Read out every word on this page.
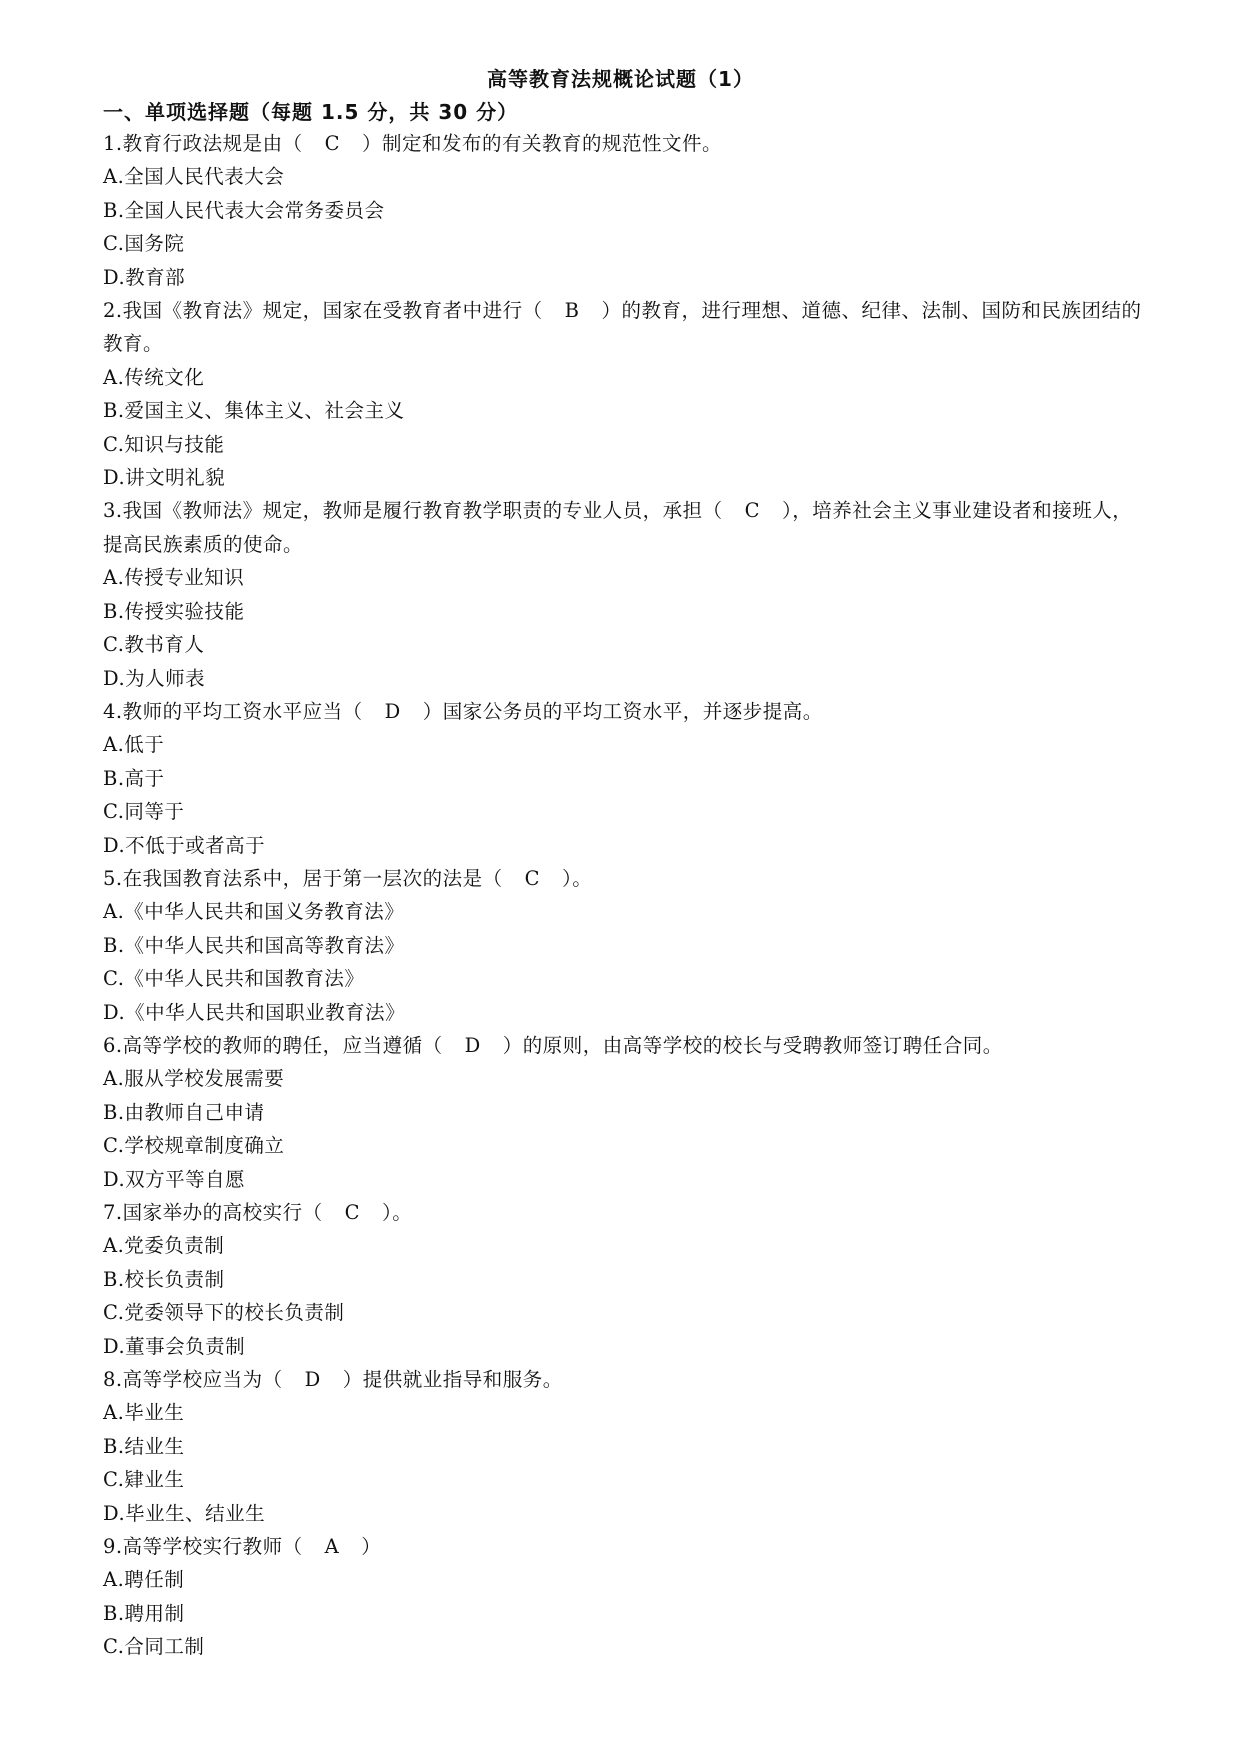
高等教育法规概论试题（1）
一、单项选择题（每题 1.5 分，共 30 分）
1.教育行政法规是由（ C ）制定和发布的有关教育的规范性文件。
A.全国人民代表大会
B.全国人民代表大会常务委员会
C.国务院
D.教育部
2.我国《教育法》规定，国家在受教育者中进行（ B ）的教育，进行理想、道德、纪律、法制、国防和民族团结的教育。
A.传统文化
B.爱国主义、集体主义、社会主义
C.知识与技能
D.讲文明礼貌
3.我国《教师法》规定，教师是履行教育教学职责的专业人员，承担（ C ），培养社会主义事业建设者和接班人，提高民族素质的使命。
A.传授专业知识
B.传授实验技能
C.教书育人
D.为人师表
4.教师的平均工资水平应当（ D ）国家公务员的平均工资水平，并逐步提高。
A.低于
B.高于
C.同等于
D.不低于或者高于
5.在我国教育法系中，居于第一层次的法是（ C ）。
A.《中华人民共和国义务教育法》
B.《中华人民共和国高等教育法》
C.《中华人民共和国教育法》
D.《中华人民共和国职业教育法》
6.高等学校的教师的聘任，应当遵循（ D ）的原则，由高等学校的校长与受聘教师签订聘任合同。
A.服从学校发展需要
B.由教师自己申请
C.学校规章制度确立
D.双方平等自愿
7.国家举办的高校实行（ C ）。
A.党委负责制
B.校长负责制
C.党委领导下的校长负责制
D.董事会负责制
8.高等学校应当为（ D ）提供就业指导和服务。
A.毕业生
B.结业生
C.肄业生
D.毕业生、结业生
9.高等学校实行教师（ A ）
A.聘任制
B.聘用制
C.合同工制
